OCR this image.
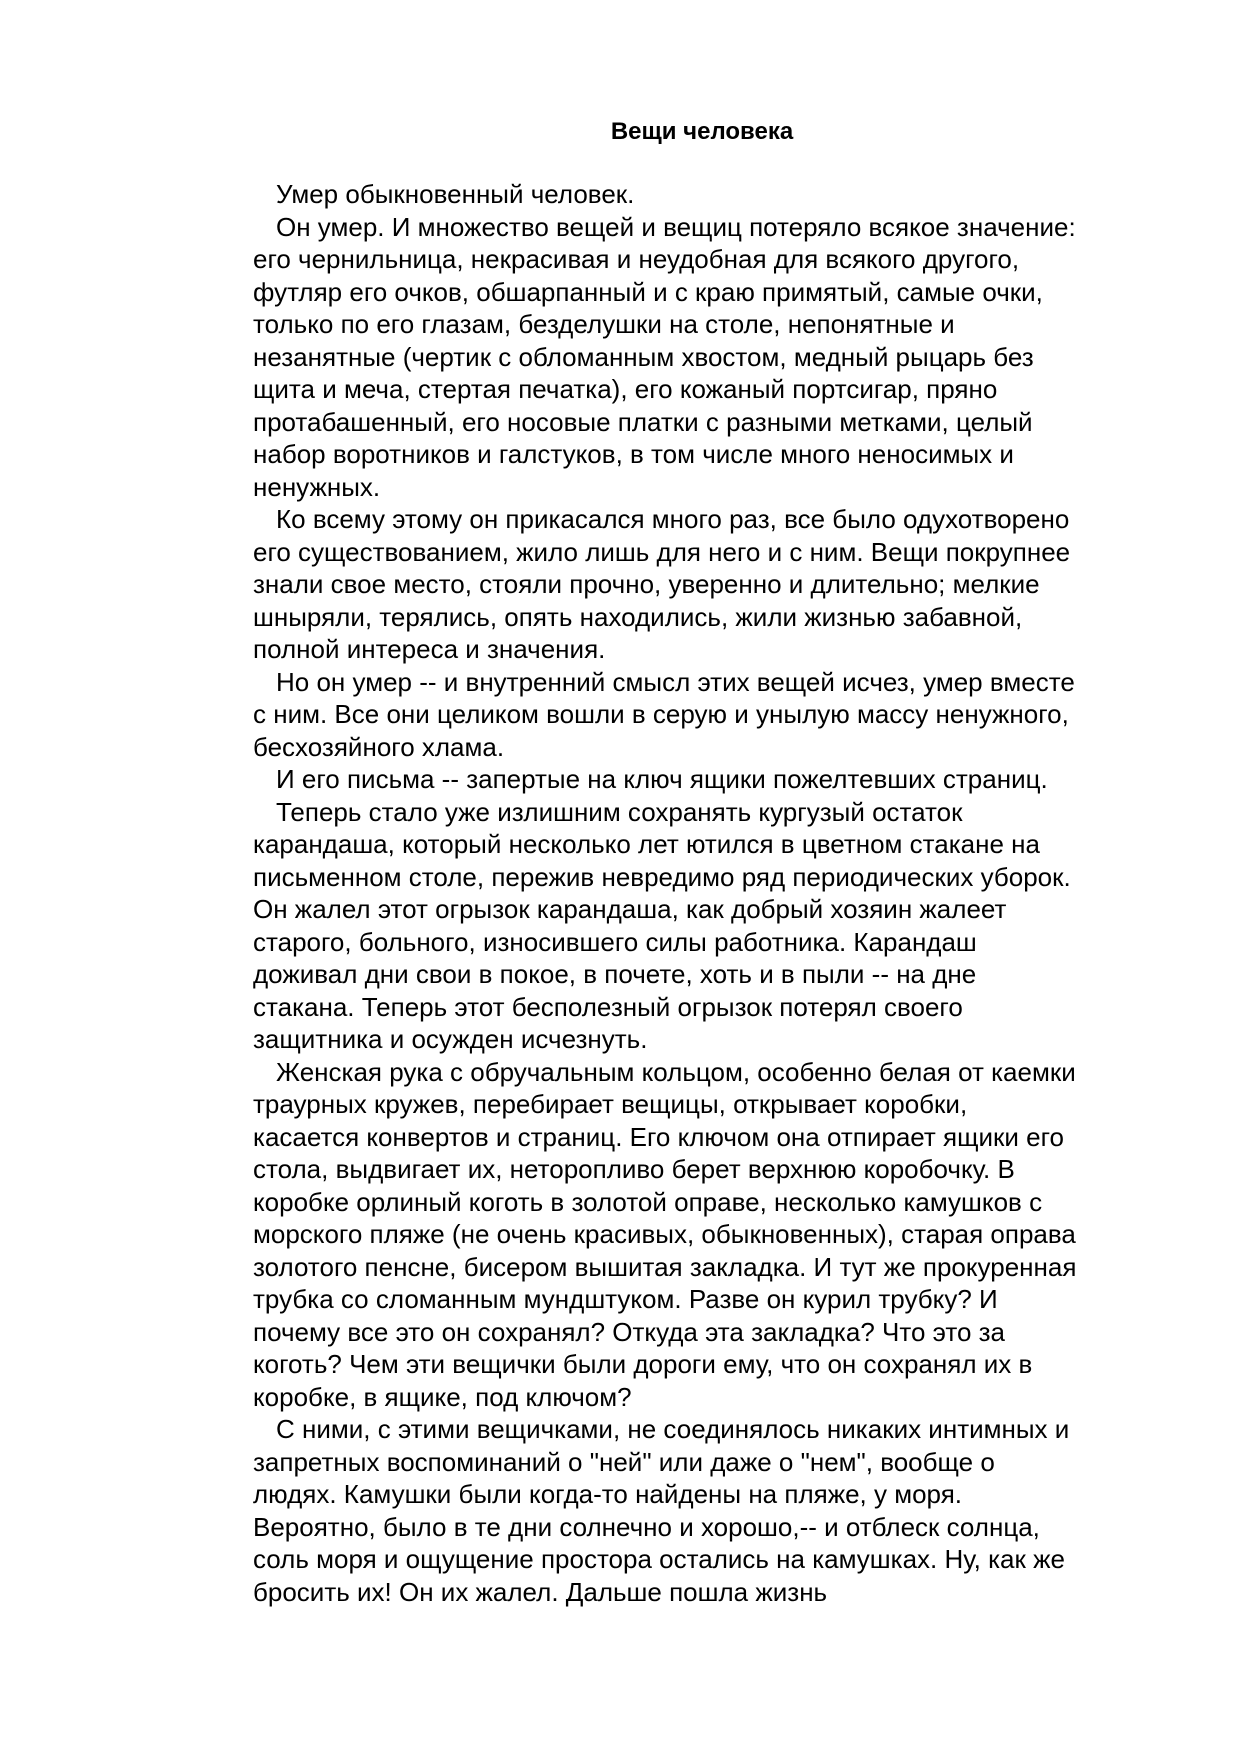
Вещи человека

Умер обыкновенный человек.

Он умер. И множество вещей и вещиц потеряло всякое значение:
его чернильница, некрасивая и неудобная для всякого другого,
футляр его очков, обшарпанный и с краю примятый, самые очки,
только по его глазам, безделушки на столе, непонятные и
незанятные (чертик с обломанным хвостом, медный рыцарь без
щита и меча, стертая печатка), его кожаный портсигар, пряно
протабашенный, его носовые платки с разными метками, целый
набор воротников и галстуков, в том числе много неносимых и
ненужных.

Ко всему этому он прикасался много раз, все было одухотворено
его существованием, жило лишь для него и с ним. Вещи покрупнее
знали свое место, стояли прочно, уверенно и длительно; мелкие
шныряли, терялись, опять находились, жили жизнью забавной,
полной интереса и значения.

Но он умер -- и внутренний смысл этих вещей исчез, умер вместе
с ним. Все они целиком вошли в серую и унылую массу ненужного,
бесхозяйного хлама.

И его письма -- запертые на ключ ящики пожелтевших страниц.

Теперь стало уже излишним сохранять кургузый остаток
карандаша, который несколько лет ютился в цветном стакане на
письменном столе, пережив невредимо ряд периодических уборок.
Он жалел этот огрызок карандаша, как добрый хозяин жалеет
старого, больного, износившего силы работника. Карандаш
доживал дни свои в покое, в почете, хоть и в пыли -- на дне
стакана. Теперь этот бесполезный огрызок потерял своего
защитника и осужден исчезнуть.

Женская рука с обручальным кольцом, особенно белая от каемки
траурных кружев, перебирает вещицы, открывает коробки,
касается конвертов и страниц. Его ключом она отпирает ящики его
стола, выдвигает их, неторопливо берет верхнюю коробочку. В
коробке орлиный коготь в золотой оправе, несколько камушков с
морского пляже (не очень красивых, обыкновенных), старая оправа
золотого пенсне, бисером вышитая закладка. И тут же прокуренная
трубка со сломанным мундштуком. Разве он курил трубку? И
почему все это он сохранял? Откуда эта закладка? Что это за
коготь? Чем эти вещички были дороги ему, что он сохранял их в
коробке, в ящике, под ключом?

С ними, с этими вещичками, не соединялось никаких интимных и
запретных воспоминаний о "ней" или даже о "нем", вообще о
людях. Камушки были когда-то найдены на пляже, у моря.
Вероятно, было в те дни солнечно и хорошо,-- и отблеск солнца,
соль моря и ощущение простора остались на камушках. Ну, как же
бросить их! Он их жалел. Дальше пошла жизнь
